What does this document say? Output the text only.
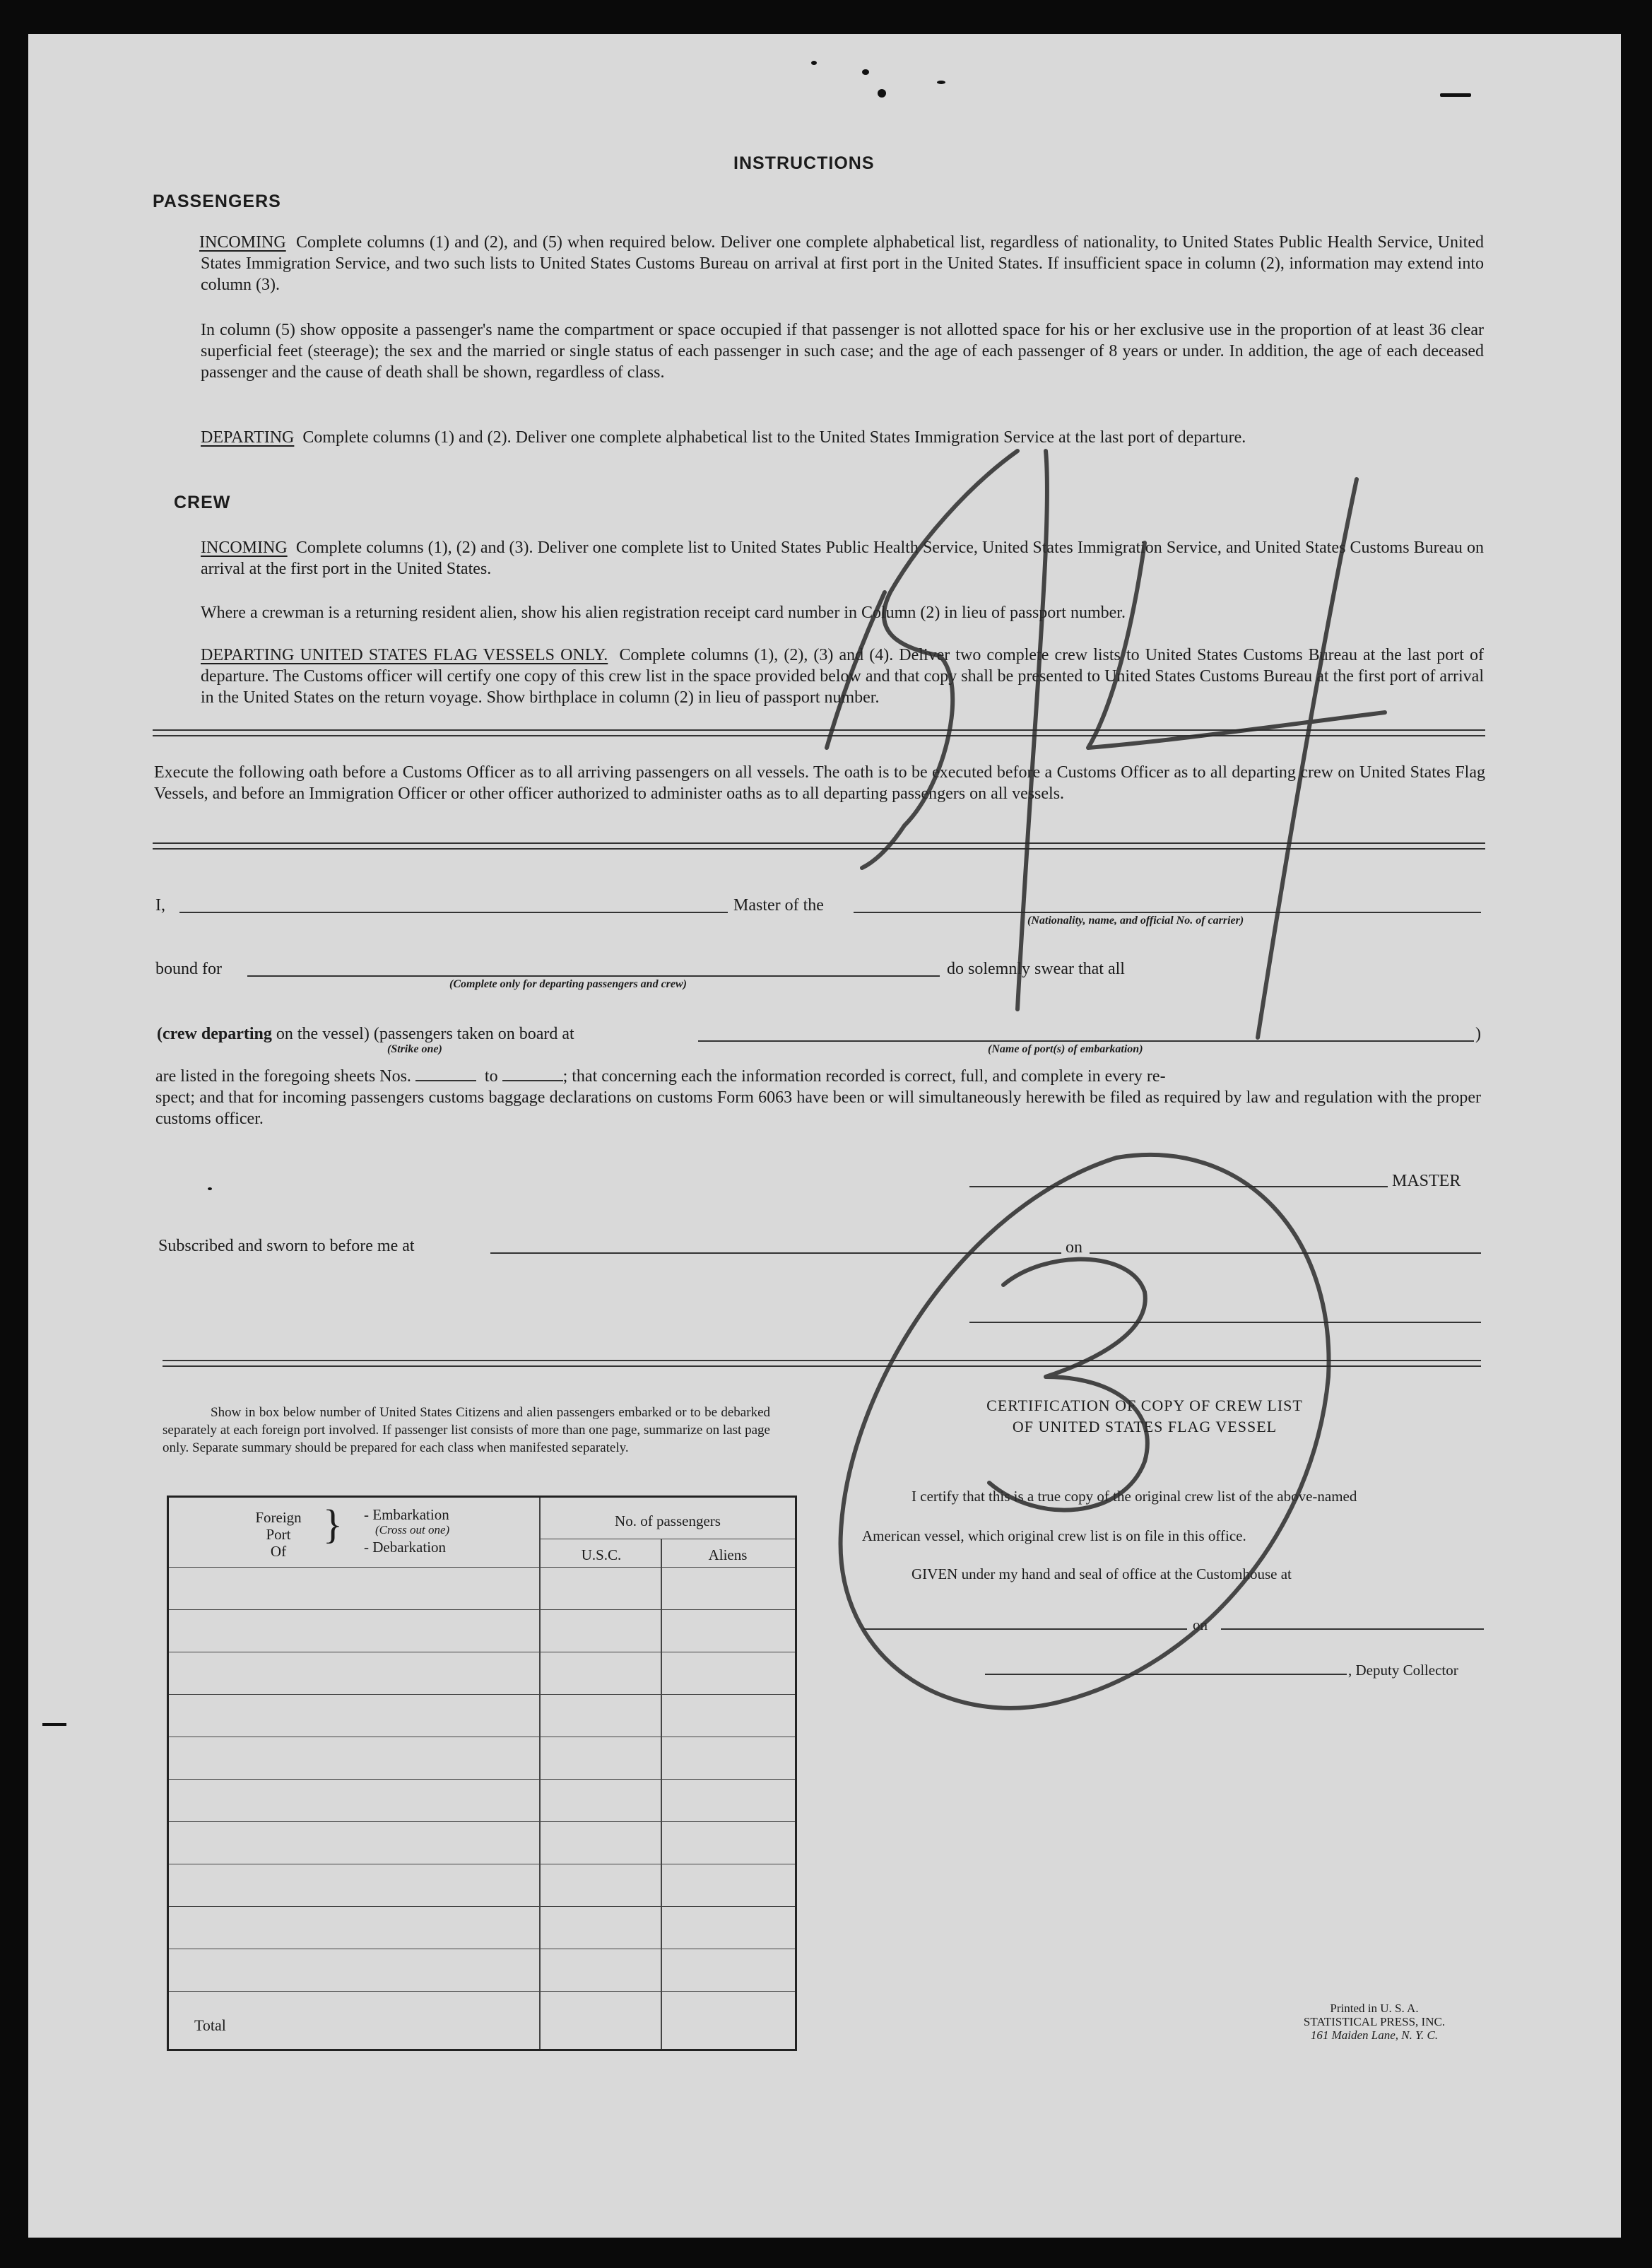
INSTRUCTIONS
PASSENGERS
INCOMING Complete columns (1) and (2), and (5) when required below. Deliver one complete alphabetical list, regardless of nationality, to United States Public Health Service, United States Immigration Service, and two such lists to United States Customs Bureau on arrival at first port in the United States. If insufficient space in column (2), information may extend into column (3).
In column (5) show opposite a passenger's name the compartment or space occupied if that passenger is not allotted space for his or her exclusive use in the proportion of at least 36 clear superficial feet (steerage); the sex and the married or single status of each passenger in such case; and the age of each passenger of 8 years or under. In addition, the age of each deceased passenger and the cause of death shall be shown, regardless of class.
DEPARTING Complete columns (1) and (2). Deliver one complete alphabetical list to the United States Immigration Service at the last port of departure.
CREW
INCOMING Complete columns (1), (2) and (3). Deliver one complete list to United States Public Health Service, United States Immigration Service, and United States Customs Bureau on arrival at the first port in the United States.
Where a crewman is a returning resident alien, show his alien registration receipt card number in Column (2) in lieu of passport number.
DEPARTING UNITED STATES FLAG VESSELS ONLY. Complete columns (1), (2), (3) and (4). Deliver two complete crew lists to United States Customs Bureau at the last port of departure. The Customs officer will certify one copy of this crew list in the space provided below and that copy shall be presented to United States Customs Bureau at the first port of arrival in the United States on the return voyage. Show birthplace in column (2) in lieu of passport number.
Execute the following oath before a Customs Officer as to all arriving passengers on all vessels. The oath is to be executed before a Customs Officer as to all departing crew on United States Flag Vessels, and before an Immigration Officer or other officer authorized to administer oaths as to all departing passengers on all vessels.
I,	Master of the
(Nationality, name, and official No. of carrier)
bound for
(Complete only for departing passengers and crew)
do solemnly swear that all
(crew departing on the vessel) (passengers taken on board at
(Strike one)	(Name of port(s) of embarkation)
)
are listed in the foregoing sheets Nos.	to	; that concerning each the information recorded is correct, full, and complete in every re-
spect; and that for incoming passengers customs baggage declarations on customs Form 6063 have been or will simultaneously herewith be filed as required by law and regulation with the proper customs officer.
MASTER
Subscribed and sworn to before me at	on
Show in box below number of United States Citizens and alien passengers embarked or to be debarked separately at each foreign port involved. If passenger list consists of more than one page, summarize on last page only. Separate summary should be prepared for each class when manifested separately.
Foreign
Port
Of
} - Embarkation
(Cross out one)
- Debarkation
No. of passengers
U.S.C.	Aliens
Total
CERTIFICATION OF COPY OF CREW LIST
OF UNITED STATES FLAG VESSEL
I certify that this is a true copy of the original crew list of the above-named
American vessel, which original crew list is on file in this office.
GIVEN under my hand and seal of office at the Customhouse at
on
, Deputy Collector
Printed in U. S. A.
STATISTICAL PRESS, INC.
161 Maiden Lane, N. Y. C.
